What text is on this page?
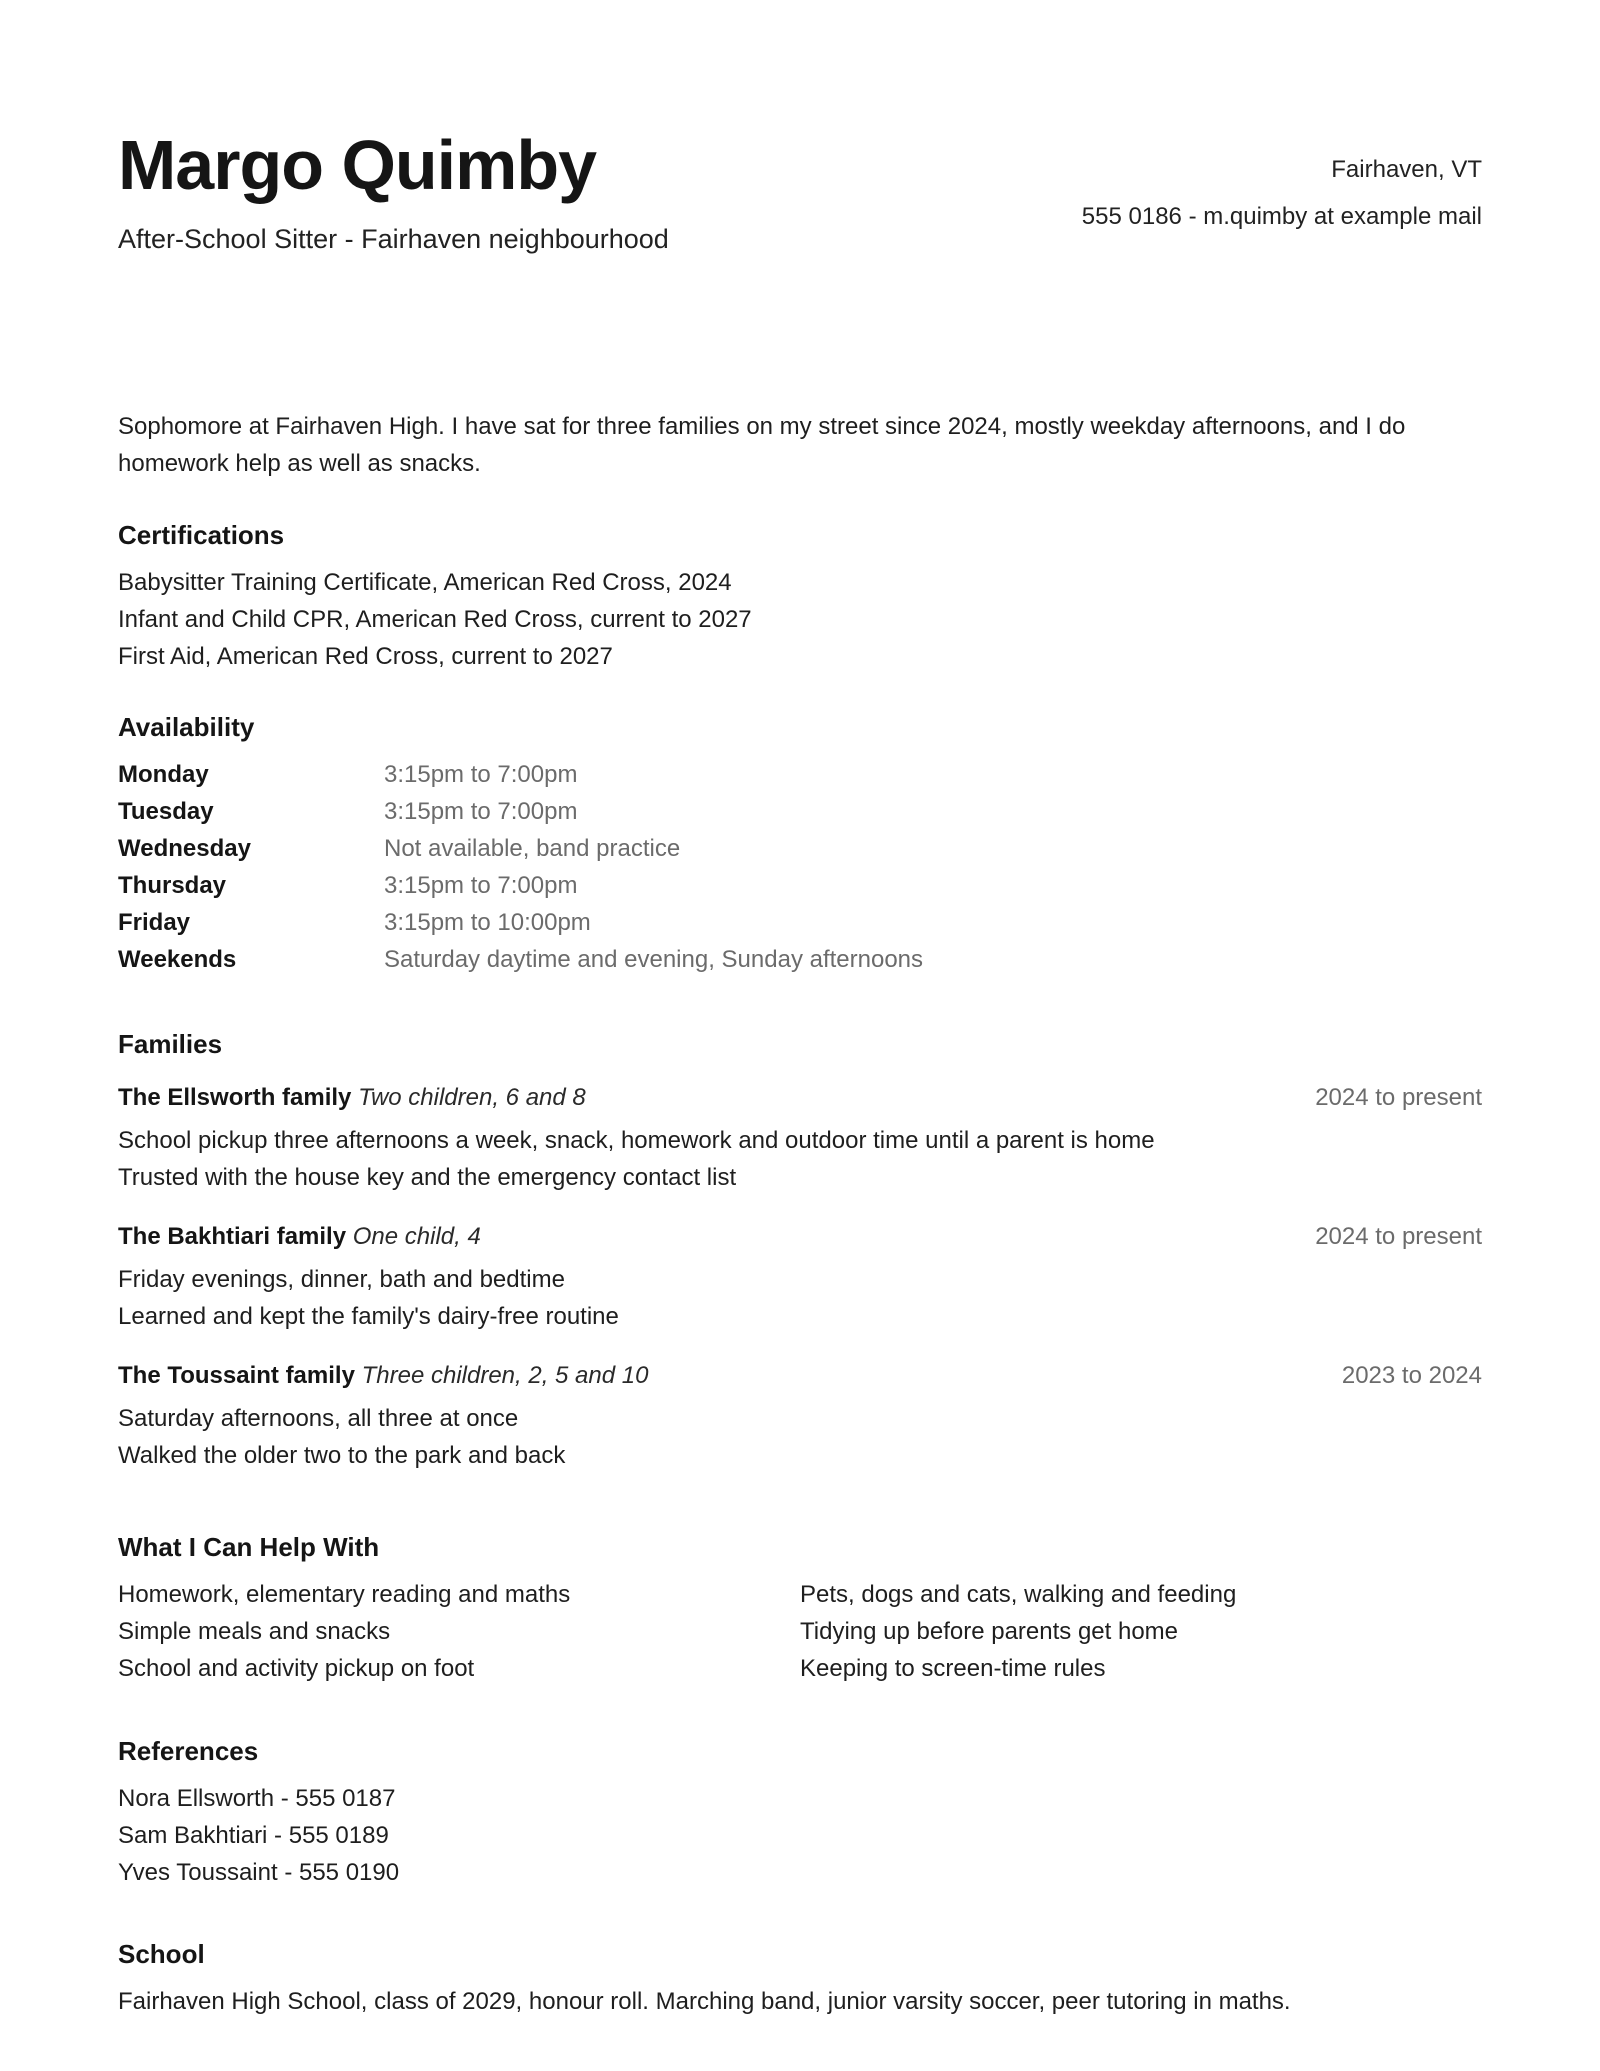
Margo Quimby
After-School Sitter - Fairhaven neighbourhood
Fairhaven, VT
555 0186 - m.quimby at example mail
Sophomore at Fairhaven High. I have sat for three families on my street since 2024, mostly weekday afternoons, and I do homework help as well as snacks.
Certifications
Babysitter Training Certificate, American Red Cross, 2024
Infant and Child CPR, American Red Cross, current to 2027
First Aid, American Red Cross, current to 2027
Availability
Monday	3:15pm to 7:00pm
Tuesday	3:15pm to 7:00pm
Wednesday	Not available, band practice
Thursday	3:15pm to 7:00pm
Friday	3:15pm to 10:00pm
Weekends	Saturday daytime and evening, Sunday afternoons
Families
The Ellsworth family Two children, 6 and 8	2024 to present
School pickup three afternoons a week, snack, homework and outdoor time until a parent is home
Trusted with the house key and the emergency contact list
The Bakhtiari family One child, 4	2024 to present
Friday evenings, dinner, bath and bedtime
Learned and kept the family's dairy-free routine
The Toussaint family Three children, 2, 5 and 10	2023 to 2024
Saturday afternoons, all three at once
Walked the older two to the park and back
What I Can Help With
Homework, elementary reading and maths
Simple meals and snacks
School and activity pickup on foot
Pets, dogs and cats, walking and feeding
Tidying up before parents get home
Keeping to screen-time rules
References
Nora Ellsworth - 555 0187
Sam Bakhtiari - 555 0189
Yves Toussaint - 555 0190
School
Fairhaven High School, class of 2029, honour roll. Marching band, junior varsity soccer, peer tutoring in maths.
